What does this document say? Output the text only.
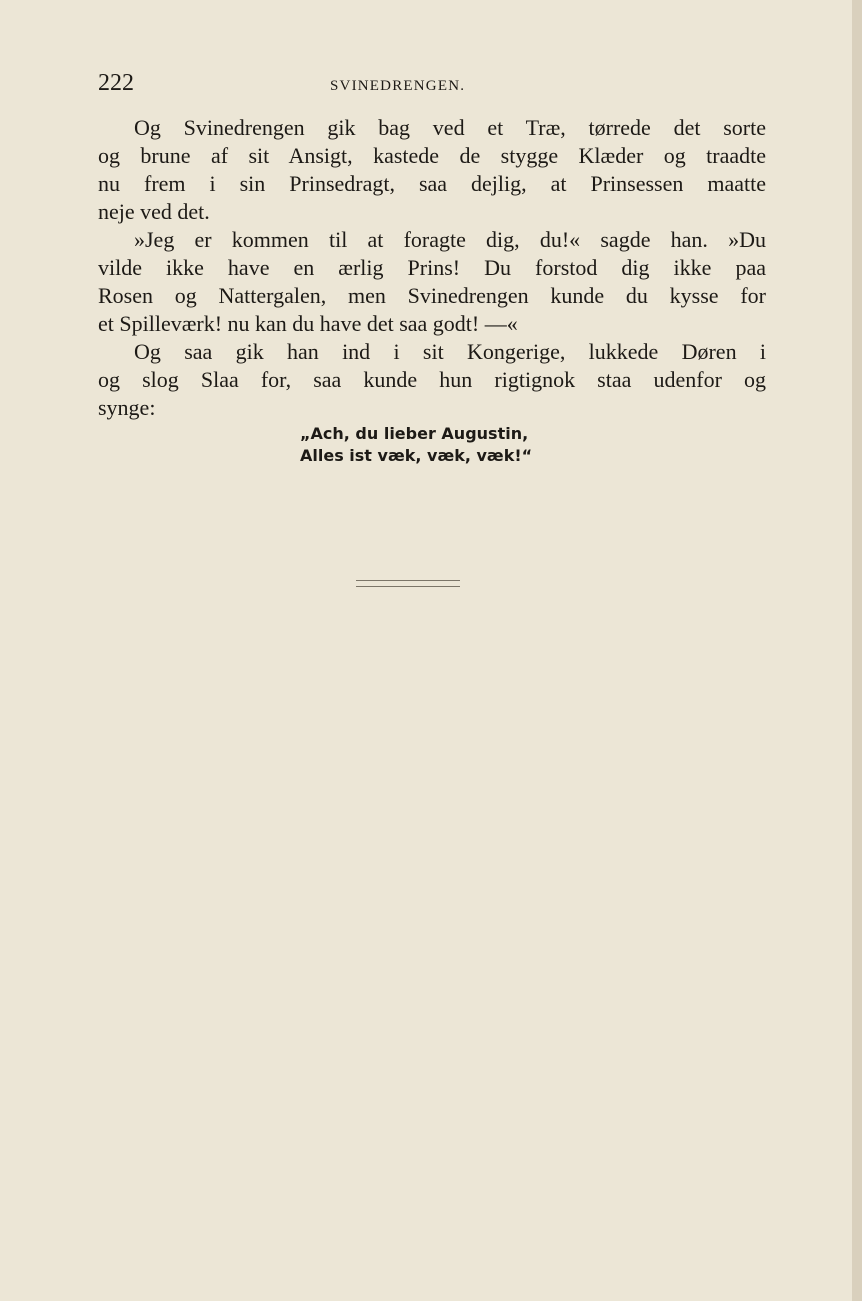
222	SVINEDRENGEN.
Og Svinedrengen gik bag ved et Træ, tørrede det sorte
og brune af sit Ansigt, kastede de stygge Klæder og traadte
nu frem i sin Prinsedragt, saa dejlig, at Prinsessen maatte
neje ved det.
»Jeg er kommen til at foragte dig, du!« sagde han. »Du
vilde ikke have en ærlig Prins! Du forstod dig ikke paa
Rosen og Nattergalen, men Svinedrengen kunde du kysse for
et Spilleværk! nu kan du have det saa godt! —«
Og saa gik han ind i sit Kongerige, lukkede Døren i
og slog Slaa for, saa kunde hun rigtignok staa udenfor og
synge:
„Ach, du lieber Augustin,
Alles ist væk, væk, væk!“
